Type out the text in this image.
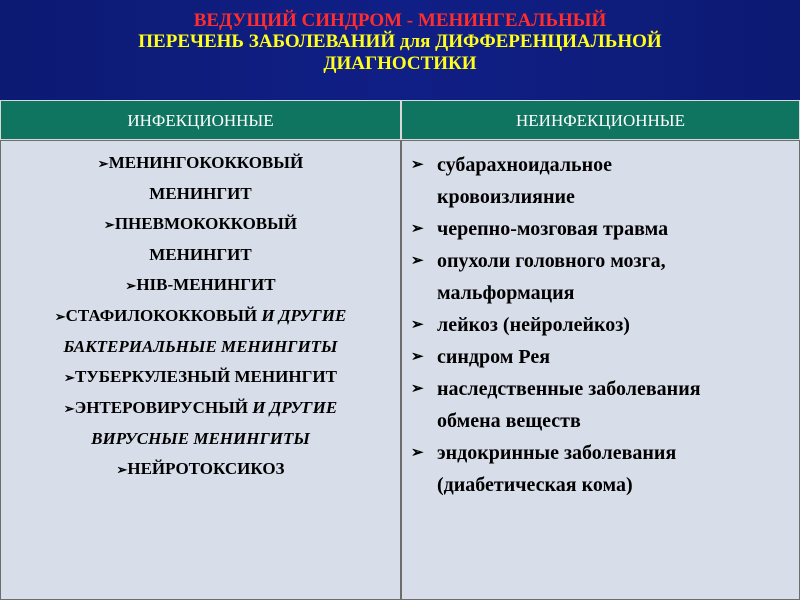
ВЕДУЩИЙ СИНДРОМ - МЕНИНГЕАЛЬНЫЙ
ПЕРЕЧЕНЬ ЗАБОЛЕВАНИЙ для ДИФФЕРЕНЦИАЛЬНОЙ
ДИАГНОСТИКИ
ИНФЕКЦИОННЫЕ	НЕИНФЕКЦИОННЫЕ
➢МЕНИНГОКОККОВЫЙ
МЕНИНГИТ
➢ПНЕВМОКОККОВЫЙ
МЕНИНГИТ
➢HIB-МЕНИНГИТ
➢СТАФИЛОКОККОВЫЙ И ДРУГИЕ
БАКТЕРИАЛЬНЫЕ МЕНИНГИТЫ
➢ТУБЕРКУЛЕЗНЫЙ МЕНИНГИТ
➢ЭНТЕРОВИРУСНЫЙ И ДРУГИЕ
ВИРУСНЫЕ МЕНИНГИТЫ
➢НЕЙРОТОКСИКОЗ
➢ субарахноидальное
кровоизлияние
➢ черепно-мозговая травма
➢ опухоли головного мозга,
мальформация
➢ лейкоз (нейролейкоз)
➢ синдром Рея
➢ наследственные заболевания
обмена веществ
➢ эндокринные заболевания
(диабетическая кома)
